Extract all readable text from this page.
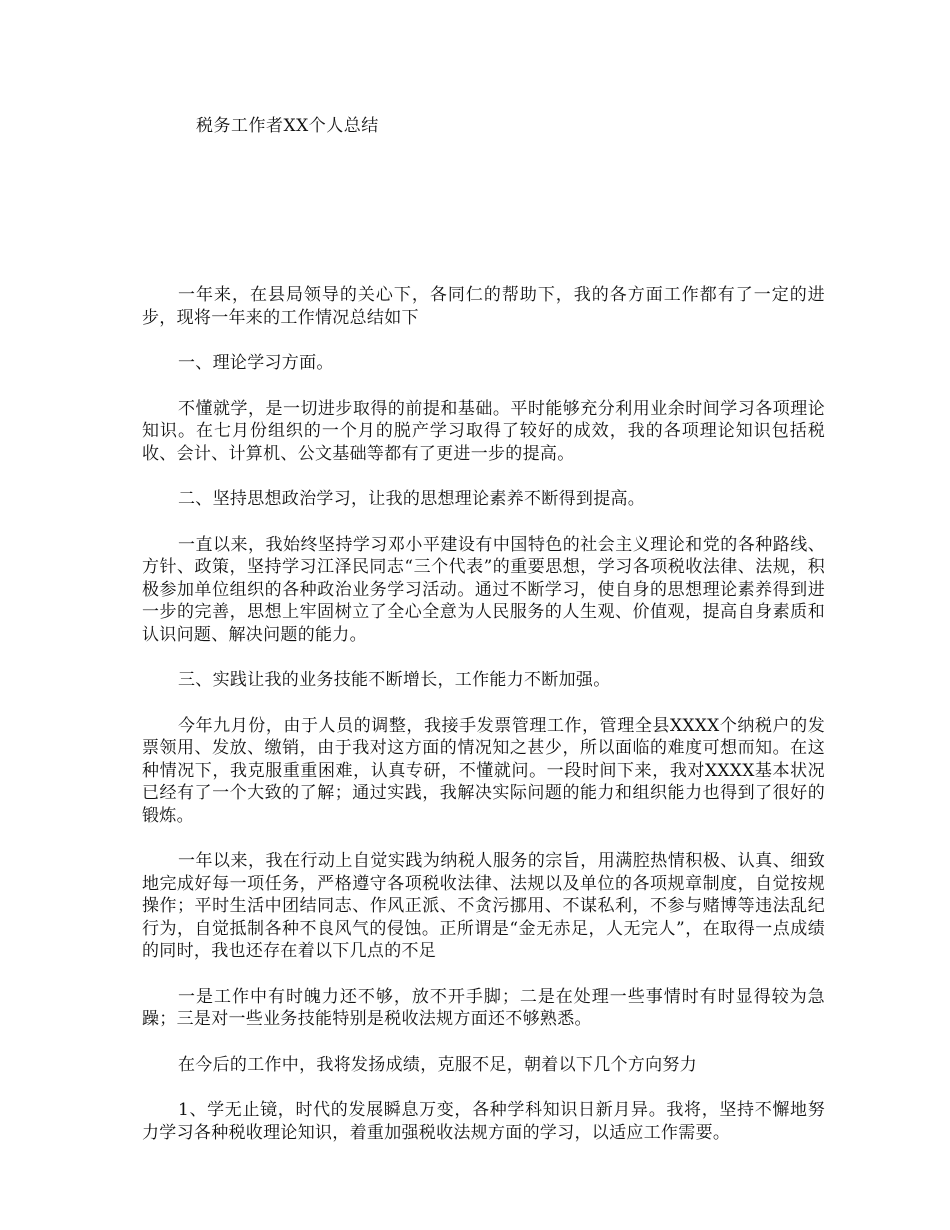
税务工作者XX个人总结

一年来，在县局领导的关心下，各同仁的帮助下，我的各方面工作都有了一定的进步，现将一年来的工作情况总结如下

一、理论学习方面。

不懂就学，是一切进步取得的前提和基础。平时能够充分利用业余时间学习各项理论知识。在七月份组织的一个月的脱产学习取得了较好的成效，我的各项理论知识包括税收、会计、计算机、公文基础等都有了更进一步的提高。

二、坚持思想政治学习，让我的思想理论素养不断得到提高。

一直以来，我始终坚持学习邓小平建设有中国特色的社会主义理论和党的各种路线、方针、政策，坚持学习江泽民同志“三个代表”的重要思想，学习各项税收法律、法规，积极参加单位组织的各种政治业务学习活动。通过不断学习，使自身的思想理论素养得到进一步的完善，思想上牢固树立了全心全意为人民服务的人生观、价值观，提高自身素质和认识问题、解决问题的能力。

三、实践让我的业务技能不断增长，工作能力不断加强。

今年九月份，由于人员的调整，我接手发票管理工作，管理全县XXXX个纳税户的发票领用、发放、缴销，由于我对这方面的情况知之甚少，所以面临的难度可想而知。在这种情况下，我克服重重困难，认真专研，不懂就问。一段时间下来，我对XXXX基本状况已经有了一个大致的了解；通过实践，我解决实际问题的能力和组织能力也得到了很好的锻炼。

一年以来，我在行动上自觉实践为纳税人服务的宗旨，用满腔热情积极、认真、细致地完成好每一项任务，严格遵守各项税收法律、法规以及单位的各项规章制度，自觉按规操作；平时生活中团结同志、作风正派、不贪污挪用、不谋私利，不参与赌博等违法乱纪行为，自觉抵制各种不良风气的侵蚀。正所谓是“金无赤足，人无完人”，在取得一点成绩的同时，我也还存在着以下几点的不足

一是工作中有时魄力还不够，放不开手脚；二是在处理一些事情时有时显得较为急躁；三是对一些业务技能特别是税收法规方面还不够熟悉。

在今后的工作中，我将发扬成绩，克服不足，朝着以下几个方向努力

1、学无止镜，时代的发展瞬息万变，各种学科知识日新月异。我将，坚持不懈地努力学习各种税收理论知识，着重加强税收法规方面的学习，以适应工作需要。
